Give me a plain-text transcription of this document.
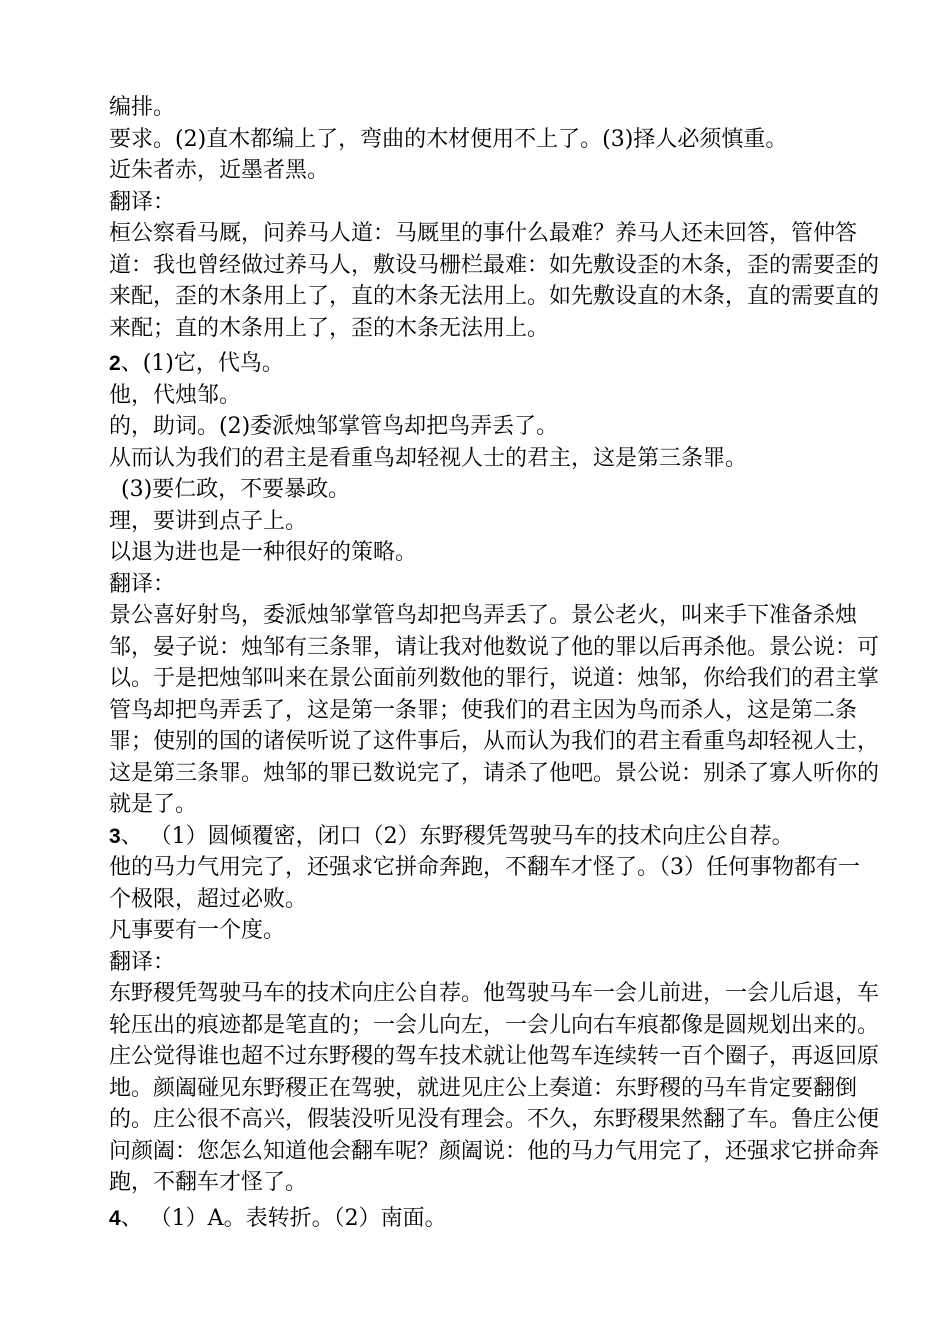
编排。
要求。(2)直木都编上了，弯曲的木材便用不上了。(3)择人必须慎重。
近朱者赤，近墨者黑。
翻译：
桓公察看马厩，问养马人道：马厩里的事什么最难？养马人还未回答，管仲答道：我也曾经做过养马人，敷设马栅栏最难：如先敷设歪的木条，歪的需要歪的来配，歪的木条用上了，直的木条无法用上。如先敷设直的木条，直的需要直的来配；直的木条用上了，歪的木条无法用上。
2、(1)它，代鸟。
他，代烛邹。
的，助词。(2)委派烛邹掌管鸟却把鸟弄丢了。
从而认为我们的君主是看重鸟却轻视人士的君主，这是第三条罪。
(3)要仁政，不要暴政。
理，要讲到点子上。
以退为进也是一种很好的策略。
翻译：
景公喜好射鸟，委派烛邹掌管鸟却把鸟弄丢了。景公老火，叫来手下准备杀烛邹，晏子说：烛邹有三条罪，请让我对他数说了他的罪以后再杀他。景公说：可以。于是把烛邹叫来在景公面前列数他的罪行，说道：烛邹，你给我们的君主掌管鸟却把鸟弄丢了，这是第一条罪；使我们的君主因为鸟而杀人，这是第二条罪；使别的国的诸侯听说了这件事后，从而认为我们的君主看重鸟却轻视人士，这是第三条罪。烛邹的罪已数说完了，请杀了他吧。景公说：别杀了寡人听你的就是了。
3、 （1）圆倾覆密，闭口（2）东野稷凭驾驶马车的技术向庄公自荐。
他的马力气用完了，还强求它拼命奔跑，不翻车才怪了。（3）任何事物都有一个极限，超过必败。
凡事要有一个度。
翻译：
东野稷凭驾驶马车的技术向庄公自荐。他驾驶马车一会儿前进，一会儿后退，车轮压出的痕迹都是笔直的；一会儿向左，一会儿向右车痕都像是圆规划出来的。庄公觉得谁也超不过东野稷的驾车技术就让他驾车连续转一百个圈子，再返回原地。颜阖碰见东野稷正在驾驶，就进见庄公上奏道：东野稷的马车肯定要翻倒的。庄公很不高兴，假装没听见没有理会。不久，东野稷果然翻了车。鲁庄公便问颜阖：您怎么知道他会翻车呢？颜阖说：他的马力气用完了，还强求它拼命奔跑，不翻车才怪了。
4、 （1）A。表转折。（2）南面。
